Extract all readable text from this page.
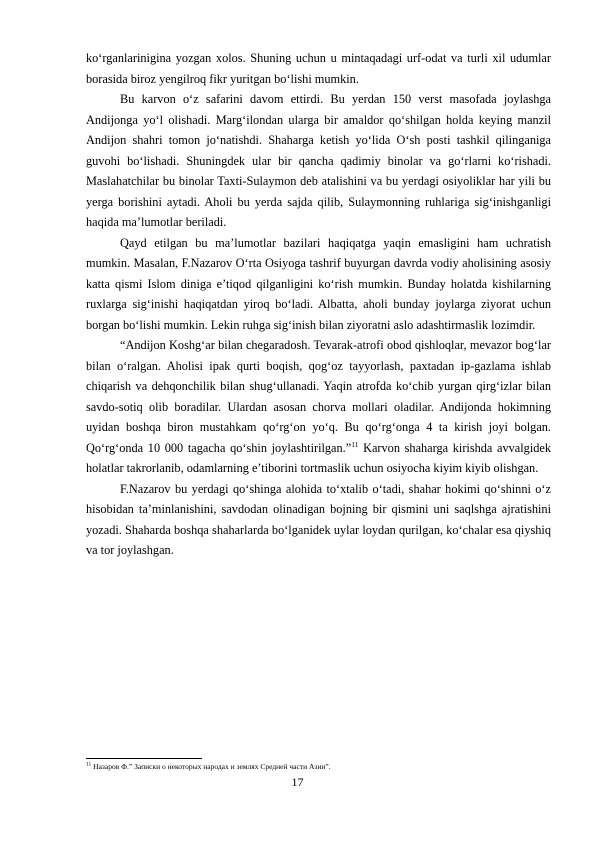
ko‘rganlarinigina yozgan xolos. Shuning uchun u mintaqadagi urf-odat va turli xil udumlar borasida biroz yengilroq fikr yuritgan bo‘lishi mumkin.

Bu karvon o‘z safarini davom ettirdi. Bu yerdan 150 verst masofada joylashga Andijonga yo‘l olishadi. Marg‘ilondan ularga bir amaldor qo‘shilgan holda keying manzil Andijon shahri tomon jo‘natishdi. Shaharga ketish yo‘lida O‘sh posti tashkil qilinganiga guvohi bo‘lishadi. Shuningdek ular bir qancha qadimiy binolar va go‘rlarni ko‘rishadi. Maslahatchilar bu binolar Taxti-Sulaymon deb atalishini va bu yerdagi osiyoliklar har yili bu yerga borishini aytadi. Aholi bu yerda sajda qilib, Sulaymonning ruhlariga sig‘inishganligi haqida ma’lumotlar beriladi.

Qayd etilgan bu ma’lumotlar bazilari haqiqatga yaqin emasligini ham uchratish mumkin. Masalan, F.Nazarov O‘rta Osiyoga tashrif buyurgan davrda vodiy aholisining asosiy katta qismi Islom diniga e’tiqod qilganligini ko‘rish mumkin. Bunday holatda kishilarning ruxlarga sig‘inishi haqiqatdan yiroq bo‘ladi. Albatta, aholi bunday joylarga ziyorat uchun borgan bo‘lishi mumkin. Lekin ruhga sig‘inish bilan ziyoratni aslo adashtirmaslik lozimdir.

“Andijon Koshg‘ar bilan chegaradosh. Tevarak-atrofi obod qishloqlar, mevazor bog‘lar bilan o‘ralgan. Aholisi ipak qurti boqish, qog‘oz tayyorlash, paxtadan ip-gazlama ishlab chiqarish va dehqonchilik bilan shug‘ullanadi. Yaqin atrofda ko‘chib yurgan qirg‘izlar bilan savdo-sotiq olib boradilar. Ulardan asosan chorva mollari oladilar. Andijonda hokimning uyidan boshqa biron mustahkam qo‘rg‘on yo‘q. Bu qo‘rg‘onga 4 ta kirish joyi bolgan. Qo‘rg‘onda 10 000 tagacha qo‘shin joylashtirilgan.”$^{11}$ Karvon shaharga kirishda avvalgidek holatlar takrorlanib, odamlarning e’tiborini tortmaslik uchun osiyocha kiyim kiyib olishgan.

F.Nazarov bu yerdagi qo‘shinga alohida to‘xtalib o‘tadi, shahar hokimi qo‘shinni o‘z hisobidan ta’minlanishini, savdodan olinadigan bojning bir qismini uni saqlshga ajratishini yozadi. Shaharda boshqa shaharlarda bo‘lganidek uylar loydan qurilgan, ko‘chalar esa qiyshiq va tor joylashgan.

$^{11}$ Назаров Ф.” Записки о некоторых народах и землях Средней части Азии”.
17
